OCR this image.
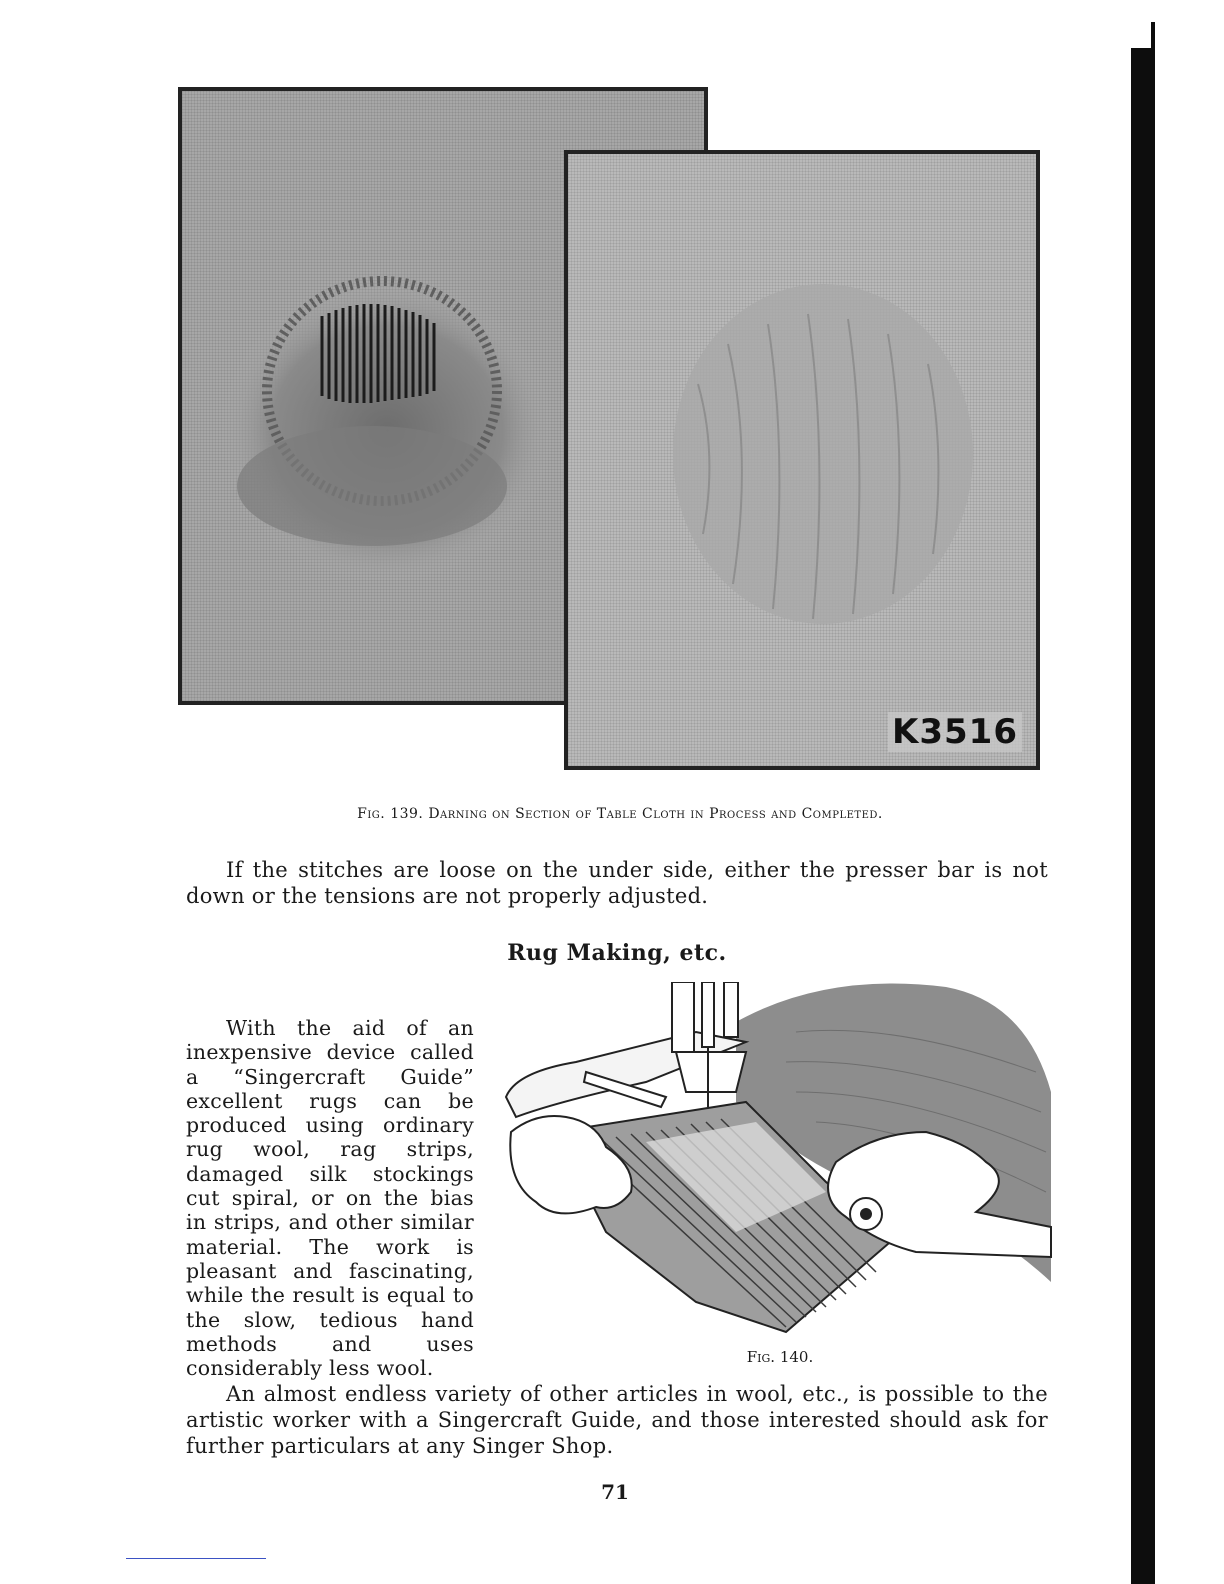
K3516
Fig. 139. Darning on Section of Table Cloth in Process and Completed.

If the stitches are loose on the under side, either the presser bar is not down or the tensions are not properly adjusted.

Rug Making, etc.

With the aid of an inexpensive device called a “Singercraft Guide” excellent rugs can be produced using ordinary rug wool, rag strips, damaged silk stockings cut spiral, or on the bias in strips, and other similar material. The work is pleasant and fascinating, while the result is equal to the slow, tedious hand methods and uses considerably less wool.	Fig. 140.

An almost endless variety of other articles in wool, etc., is possible to the artistic worker with a Singercraft Guide, and those interested should ask for further particulars at any Singer Shop.

71
